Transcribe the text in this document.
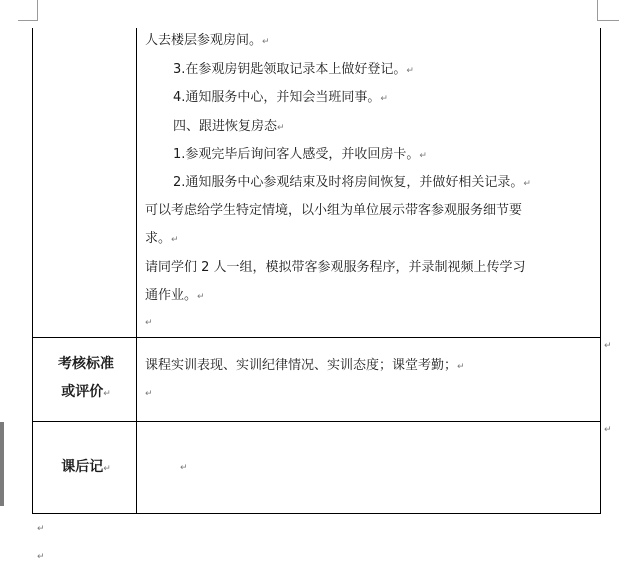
人去楼层参观房间。↵
3.在参观房钥匙领取记录本上做好登记。↵
4.通知服务中心，并知会当班同事。↵
四、跟进恢复房态↵
1.参观完毕后询问客人感受，并收回房卡。↵
2.通知服务中心参观结束及时将房间恢复，并做好相关记录。↵
可以考虑给学生特定情境，以小组为单位展示带客参观服务细节要
求。↵
请同学们 2 人一组，模拟带客参观服务程序，并录制视频上传学习
通作业。↵
↵
考核标准
或评价↵
课程实训表现、实训纪律情况、实训态度；课堂考勤；↵
↵
↵
课后记↵	↵
↵
↵
↵
